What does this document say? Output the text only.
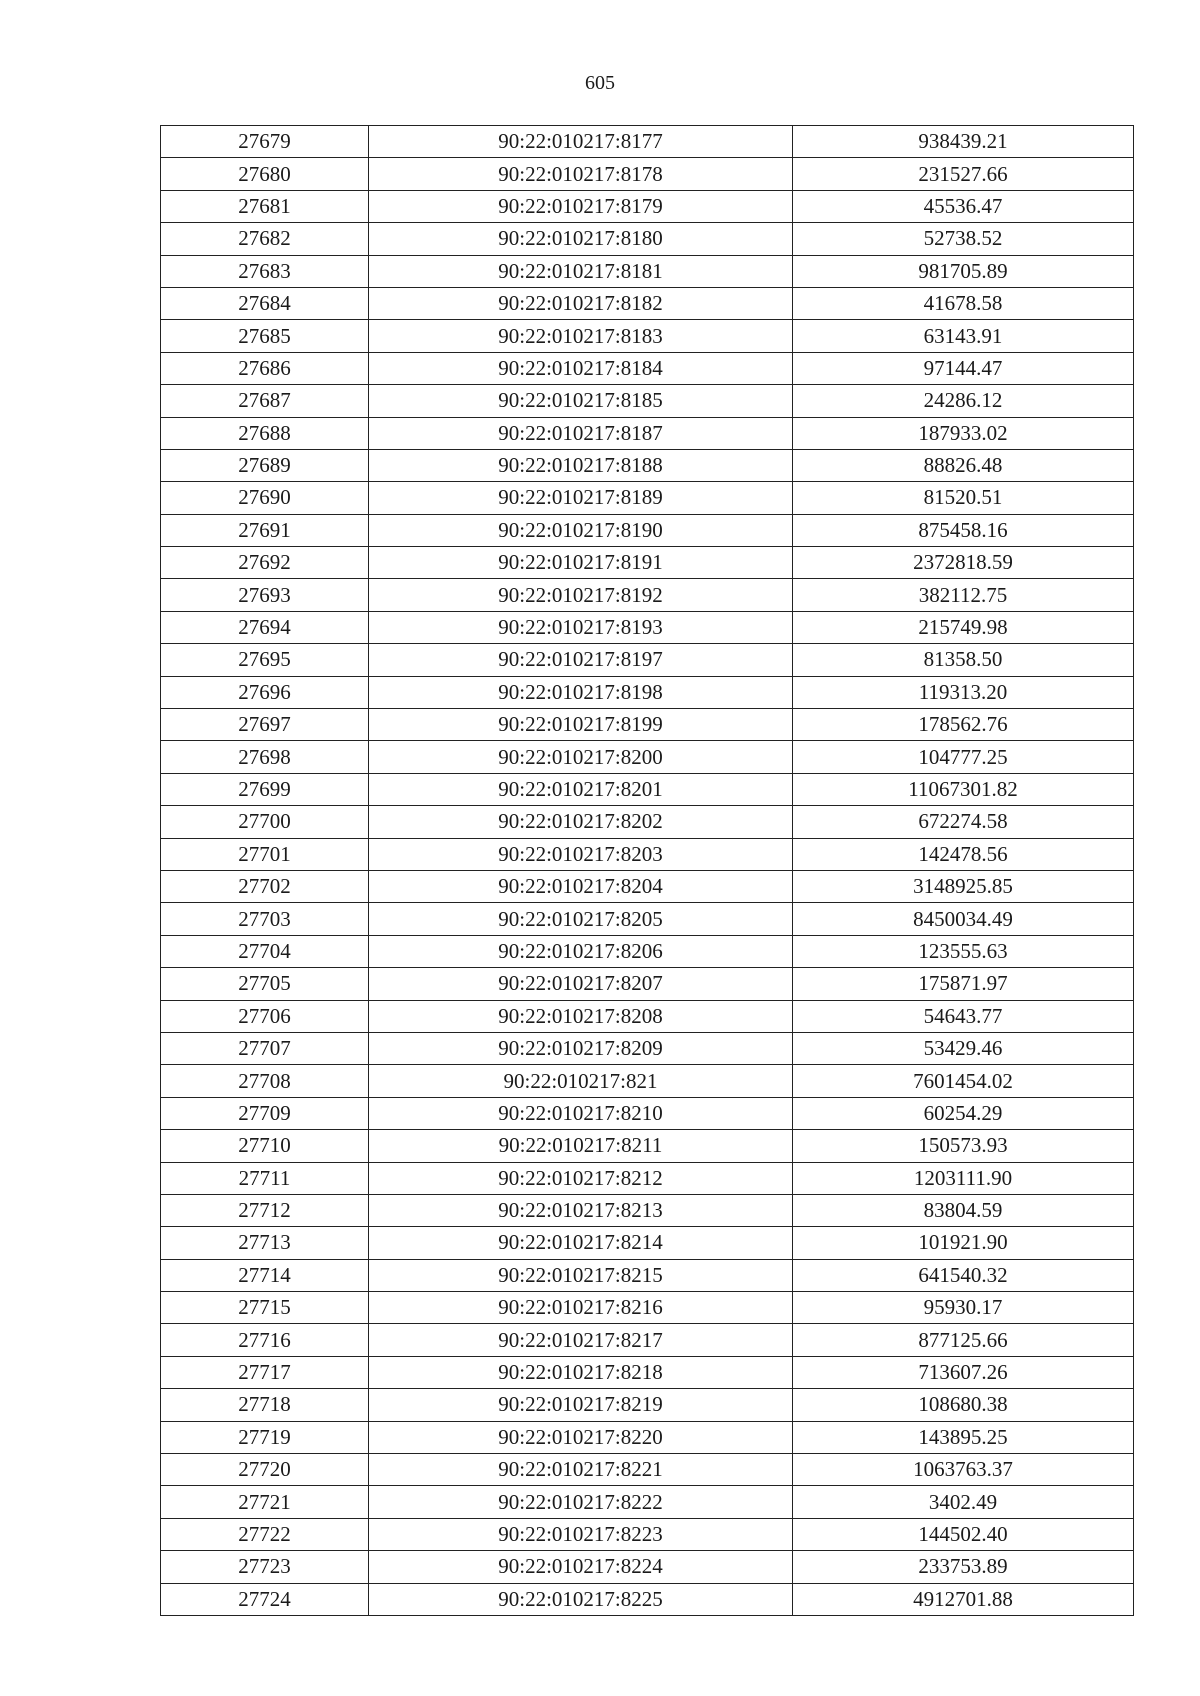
605
27679	90:22:010217:8177	938439.21
27680	90:22:010217:8178	231527.66
27681	90:22:010217:8179	45536.47
27682	90:22:010217:8180	52738.52
27683	90:22:010217:8181	981705.89
27684	90:22:010217:8182	41678.58
27685	90:22:010217:8183	63143.91
27686	90:22:010217:8184	97144.47
27687	90:22:010217:8185	24286.12
27688	90:22:010217:8187	187933.02
27689	90:22:010217:8188	88826.48
27690	90:22:010217:8189	81520.51
27691	90:22:010217:8190	875458.16
27692	90:22:010217:8191	2372818.59
27693	90:22:010217:8192	382112.75
27694	90:22:010217:8193	215749.98
27695	90:22:010217:8197	81358.50
27696	90:22:010217:8198	119313.20
27697	90:22:010217:8199	178562.76
27698	90:22:010217:8200	104777.25
27699	90:22:010217:8201	11067301.82
27700	90:22:010217:8202	672274.58
27701	90:22:010217:8203	142478.56
27702	90:22:010217:8204	3148925.85
27703	90:22:010217:8205	8450034.49
27704	90:22:010217:8206	123555.63
27705	90:22:010217:8207	175871.97
27706	90:22:010217:8208	54643.77
27707	90:22:010217:8209	53429.46
27708	90:22:010217:821	7601454.02
27709	90:22:010217:8210	60254.29
27710	90:22:010217:8211	150573.93
27711	90:22:010217:8212	1203111.90
27712	90:22:010217:8213	83804.59
27713	90:22:010217:8214	101921.90
27714	90:22:010217:8215	641540.32
27715	90:22:010217:8216	95930.17
27716	90:22:010217:8217	877125.66
27717	90:22:010217:8218	713607.26
27718	90:22:010217:8219	108680.38
27719	90:22:010217:8220	143895.25
27720	90:22:010217:8221	1063763.37
27721	90:22:010217:8222	3402.49
27722	90:22:010217:8223	144502.40
27723	90:22:010217:8224	233753.89
27724	90:22:010217:8225	4912701.88
